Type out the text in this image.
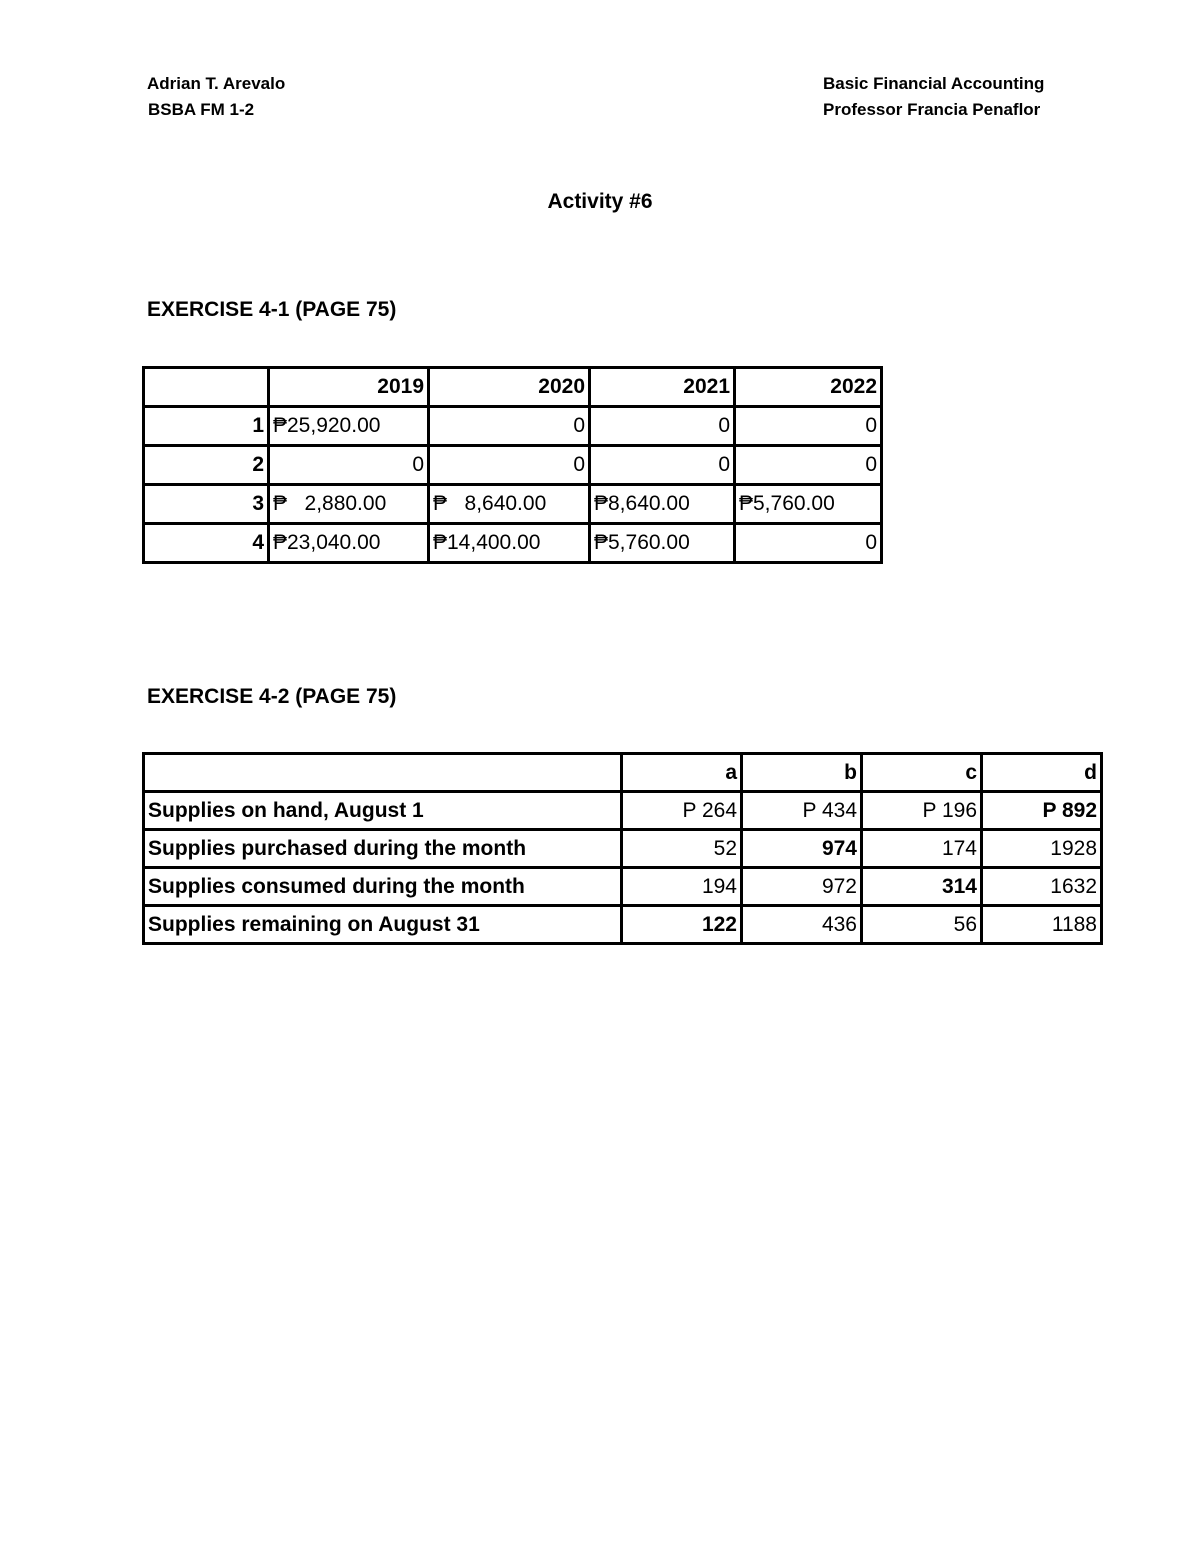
Adrian T. Arevalo
BSBA FM 1-2
Basic Financial Accounting
Professor Francia Penaflor
Activity #6
EXERCISE 4-1 (PAGE 75)
	2019	2020	2021	2022
1	₱25,920.00	0	0	0
2	0	0	0	0
3	₱   2,880.00	₱   8,640.00	₱8,640.00	₱5,760.00
4	₱23,040.00	₱14,400.00	₱5,760.00	0
EXERCISE 4-2 (PAGE 75)
	a	b	c	d
Supplies on hand, August 1	P 264	P 434	P 196	P 892
Supplies purchased during the month	52	974	174	1928
Supplies consumed during the month	194	972	314	1632
Supplies remaining on August 31	122	436	56	1188
